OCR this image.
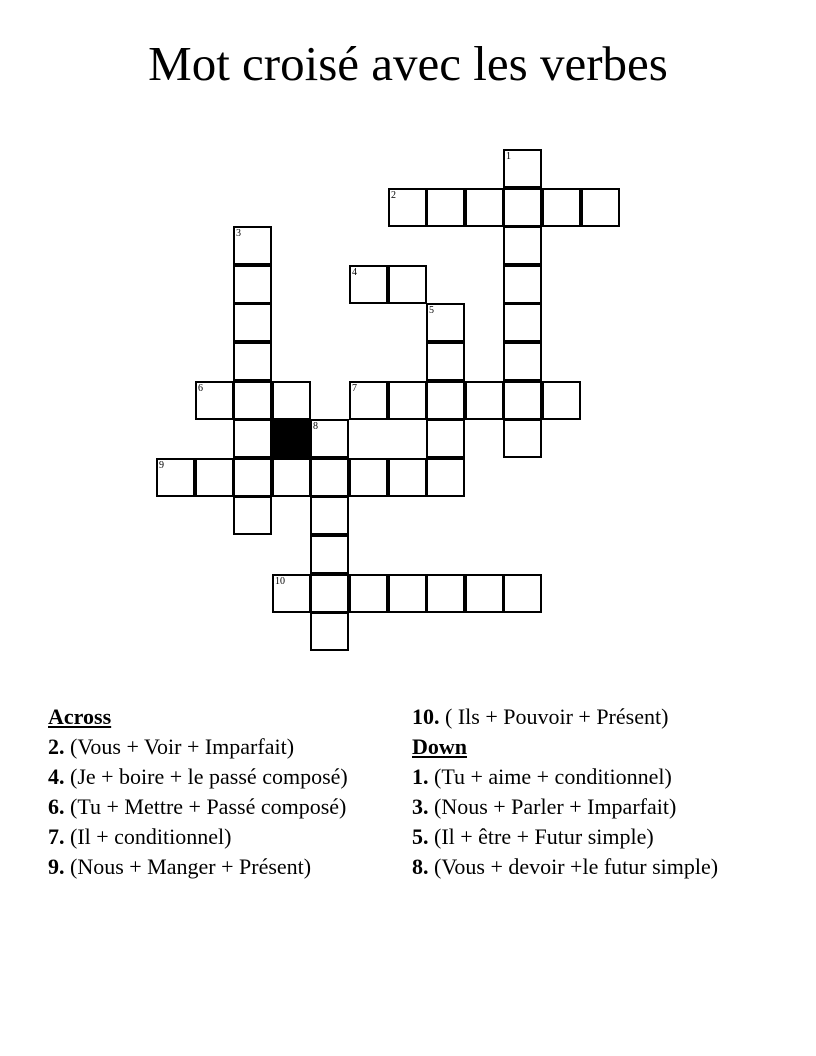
Mot croisé avec les verbes
1
2
3
4
5
6	7
8
9
10
Across
2. (Vous + Voir + Imparfait)
4. (Je + boire + le passé composé)
6. (Tu + Mettre + Passé composé)
7. (Il + conditionnel)
9. (Nous + Manger + Présent)
10. ( Ils + Pouvoir + Présent)
Down
1. (Tu + aime + conditionnel)
3. (Nous + Parler + Imparfait)
5. (Il + être + Futur simple)
8. (Vous + devoir +le futur simple)
